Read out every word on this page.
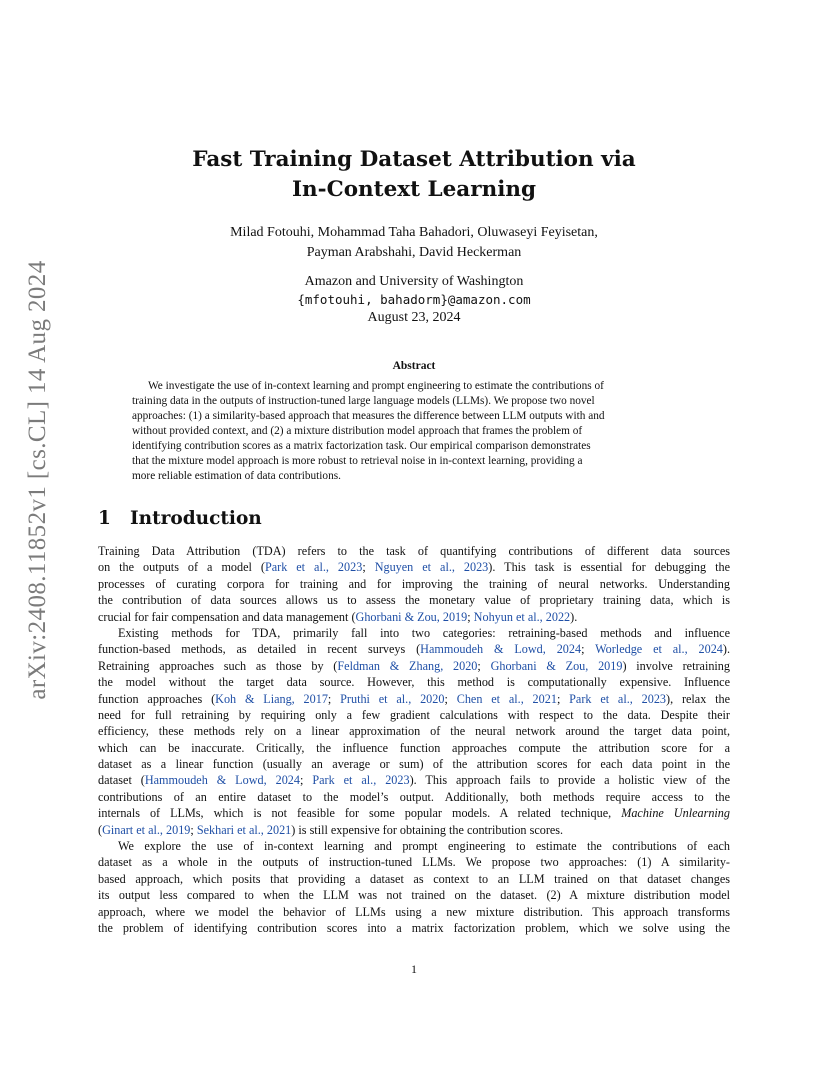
arXiv:2408.11852v1 [cs.CL] 14 Aug 2024
Fast Training Dataset Attribution via
In-Context Learning
Milad Fotouhi, Mohammad Taha Bahadori, Oluwaseyi Feyisetan,
Payman Arabshahi, David Heckerman
Amazon and University of Washington
{mfotouhi, bahadorm}@amazon.com
August 23, 2024
Abstract
We investigate the use of in-context learning and prompt engineering to estimate the contributions of
training data in the outputs of instruction-tuned large language models (LLMs). We propose two novel
approaches: (1) a similarity-based approach that measures the difference between LLM outputs with and
without provided context, and (2) a mixture distribution model approach that frames the problem of
identifying contribution scores as a matrix factorization task. Our empirical comparison demonstrates
that the mixture model approach is more robust to retrieval noise in in-context learning, providing a
more reliable estimation of data contributions.
1 Introduction
Training Data Attribution (TDA) refers to the task of quantifying contributions of different data sources
on the outputs of a model (Park et al., 2023; Nguyen et al., 2023). This task is essential for debugging the
processes of curating corpora for training and for improving the training of neural networks. Understanding
the contribution of data sources allows us to assess the monetary value of proprietary training data, which is
crucial for fair compensation and data management (Ghorbani & Zou, 2019; Nohyun et al., 2022).
Existing methods for TDA, primarily fall into two categories: retraining-based methods and influence
function-based methods, as detailed in recent surveys (Hammoudeh & Lowd, 2024; Worledge et al., 2024).
Retraining approaches such as those by (Feldman & Zhang, 2020; Ghorbani & Zou, 2019) involve retraining
the model without the target data source. However, this method is computationally expensive. Influence
function approaches (Koh & Liang, 2017; Pruthi et al., 2020; Chen et al., 2021; Park et al., 2023), relax the
need for full retraining by requiring only a few gradient calculations with respect to the data. Despite their
efficiency, these methods rely on a linear approximation of the neural network around the target data point,
which can be inaccurate. Critically, the influence function approaches compute the attribution score for a
dataset as a linear function (usually an average or sum) of the attribution scores for each data point in the
dataset (Hammoudeh & Lowd, 2024; Park et al., 2023). This approach fails to provide a holistic view of the
contributions of an entire dataset to the model’s output. Additionally, both methods require access to the
internals of LLMs, which is not feasible for some popular models. A related technique, Machine Unlearning
(Ginart et al., 2019; Sekhari et al., 2021) is still expensive for obtaining the contribution scores.
We explore the use of in-context learning and prompt engineering to estimate the contributions of each
dataset as a whole in the outputs of instruction-tuned LLMs. We propose two approaches: (1) A similarity-
based approach, which posits that providing a dataset as context to an LLM trained on that dataset changes
its output less compared to when the LLM was not trained on the dataset. (2) A mixture distribution model
approach, where we model the behavior of LLMs using a new mixture distribution. This approach transforms
the problem of identifying contribution scores into a matrix factorization problem, which we solve using the
1
